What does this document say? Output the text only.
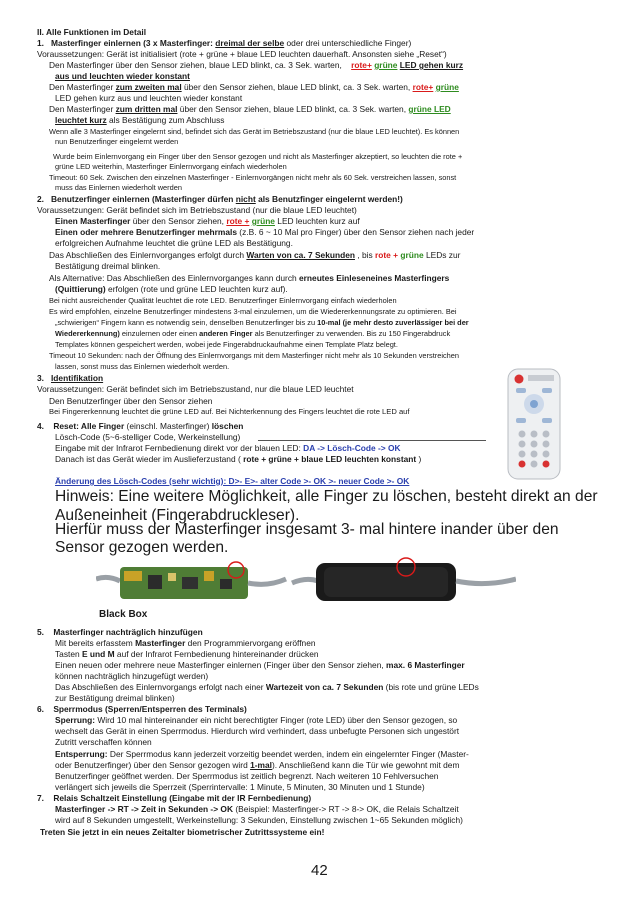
II. Alle Funktionen im Detail
1. Masterfinger einlernen (3 x Masterfinger: dreimal der selbe oder drei unterschiedliche Finger)
Voraussetzungen: Gerät ist initialisiert (rote + grüne + blaue LED leuchten dauerhaft. Ansonsten siehe „Reset“)
Den Masterfinger über den Sensor ziehen, blaue LED blinkt, ca. 3 Sek. warten, rote+ grüne LED gehen kurz
aus und leuchten wieder konstant
Den Masterfinger zum zweiten mal über den Sensor ziehen, blaue LED blinkt, ca. 3 Sek. warten, rote+ grüne
LED gehen kurz aus und leuchten wieder konstant
Den Masterfinger zum dritten mal über den Sensor ziehen, blaue LED blinkt, ca. 3 Sek. warten, grüne LED
leuchtet kurz als Bestätigung zum Abschluss
Wenn alle 3 Masterfinger eingelernt sind, befindet sich das Gerät im Betriebszustand (nur die blaue LED leuchtet). Es können
nun Benutzerfinger eingelernt werden
Wurde beim Einlernvorgang ein Finger über den Sensor gezogen und nicht als Masterfinger akzeptiert, so leuchten die rote +
grüne LED weiterhin, Masterfinger Einlernvorgang einfach wiederholen
Timeout: 60 Sek. Zwischen den einzelnen Masterfinger - Einlernvorgängen nicht mehr als 60 Sek. verstreichen lassen, sonst
muss das Einlernen wiederholt werden
2. Benutzerfinger einlernen (Masterfinger dürfen nicht als Benutzfinger eingelernt werden!)
Voraussetzungen: Gerät befindet sich im Betriebszustand (nur die blaue LED leuchtet)
Einen Masterfinger über den Sensor ziehen, rote + grüne LED leuchten kurz auf
Einen oder mehrere Benutzerfinger mehrmals (z.B. 6 ~ 10 Mal pro Finger) über den Sensor ziehen nach jeder
erfolgreichen Aufnahme leuchtet die grüne LED als Bestätigung.
Das Abschließen des Einlernvorganges erfolgt durch Warten von ca. 7 Sekunden , bis rote + grüne LEDs zur
Bestätigung dreimal blinken.
Als Alternative: Das Abschließen des Einlernvorganges kann durch erneutes Einleseneines Masterfingers
(Quittierung) erfolgen (rote und grüne LED leuchten kurz auf).
Bei nicht ausreichender Qualität leuchtet die rote LED. Benutzerfinger Einlernvorgang einfach wiederholen
Es wird empfohlen, einzelne Benutzerfinger mindestens 3-mal einzulernen, um die Wiedererkennungsrate zu optimieren. Bei
„schwierigen“ Fingern kann es notwendig sein, denselben Benutzerfinger bis zu 10-mal (je mehr desto zuverlässiger bei der
Wiedererkennung) einzulernen oder einen anderen Finger als Benutzerfinger zu verwenden. Bis zu 150 Fingerabdruck
Templates können gespeichert werden, wobei jede Fingerabdruckaufnahme einen Template Platz belegt.
Timeout 10 Sekunden: nach der Öffnung des Einlernvorgangs mit dem Masterfinger nicht mehr als 10 Sekunden verstreichen
lassen, sonst muss das Einlernen wiederholt werden.
3. Identifikation
Voraussetzungen: Gerät befindet sich im Betriebszustand, nur die blaue LED leuchtet
Den Benutzerfinger über den Sensor ziehen
Bei Fingererkennung leuchtet die grüne LED auf. Bei Nichterkennung des Fingers leuchtet die rote LED auf
4. Reset: Alle Finger (einschl. Masterfinger) löschen
Lösch-Code (5~6-stelliger Code, Werkeinstellung)
Eingabe mit der Infrarot Fernbedienung direkt vor der blauen LED: DA -> Lösch-Code -> OK
Danach ist das Gerät wieder im Auslieferzustand ( rote + grüne + blaue LED leuchten konstant )
Änderung des Lösch-Codes (sehr wichtig): D>- E>- alter Code >- OK >- neuer Code >- OK
Hinweis: Eine weitere Möglichkeit, alle Finger zu löschen, besteht direkt an der
Außeneinheit (Fingerabdruckleser).
Hierfür muss der Masterfinger insgesamt 3- mal hintere inander über den
Sensor gezogen werden.
Black Box
5. Masterfinger nachträglich hinzufügen
Mit bereits erfasstem Masterfinger den Programmiervorgang eröffnen
Tasten E und M auf der Infrarot Fernbedienung hintereinander drücken
Einen neuen oder mehrere neue Masterfinger einlernen (Finger über den Sensor ziehen, max. 6 Masterfinger
können nachträglich hinzugefügt werden)
Das Abschließen des Einlernvorgangs erfolgt nach einer Wartezeit von ca. 7 Sekunden (bis rote und grüne LEDs
zur Bestätigung dreimal blinken)
6. Sperrmodus (Sperren/Entsperren des Terminals)
Sperrung: Wird 10 mal hintereinander ein nicht berechtigter Finger (rote LED) über den Sensor gezogen, so
wechselt das Gerät in einen Sperrmodus. Hierdurch wird verhindert, dass unbefugte Personen sich ungestört
Zutritt verschaffen können
Entsperrung: Der Sperrmodus kann jederzeit vorzeitig beendet werden, indem ein eingelernter Finger (Master-
oder Benutzerfinger) über den Sensor gezogen wird 1-mal). Anschließend kann die Tür wie gewohnt mit dem
Benutzerfinger geöffnet werden. Der Sperrmodus ist zeitlich begrenzt. Nach weiteren 10 Fehlversuchen
verlängert sich jeweils die Sperrzeit (Sperrintervalle: 1 Minute, 5 Minuten, 30 Minuten und 1 Stunde)
7. Relais Schaltzeit Einstellung (Eingabe mit der IR Fernbedienung)
Masterfinger -> RT -> Zeit in Sekunden -> OK (Beispiel: Masterfinger-> RT -> 8-> OK, die Relais Schaltzeit
wird auf 8 Sekunden umgestellt, Werkeinstellung: 3 Sekunden, Einstellung zwischen 1~65 Sekunden möglich)
Treten Sie jetzt in ein neues Zeitalter biometrischer Zutrittssysteme ein!
42
